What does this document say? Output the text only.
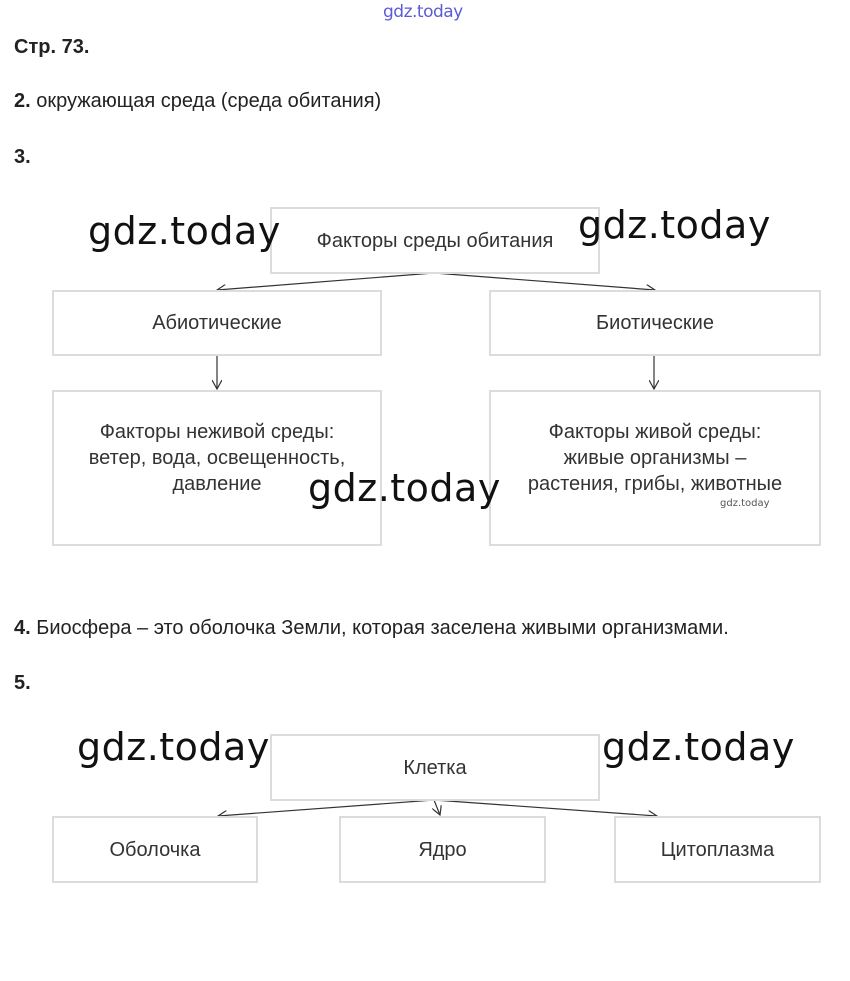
gdz.today
Стр. 73.
2. окружающая среда (среда обитания)
3.
Факторы среды обитания
Абиотические	Биотические
Факторы неживой среды:
ветер, вода, освещенность,
давление
Факторы живой среды:
живые организмы –
растения, грибы, животные
gdz.today	gdz.today
gdz.today	gdz.today
4. Биосфера – это оболочка Земли, которая заселена живыми организмами.
5.
Клетка
Оболочка	Ядро	Цитоплазма
gdz.today	gdz.today
